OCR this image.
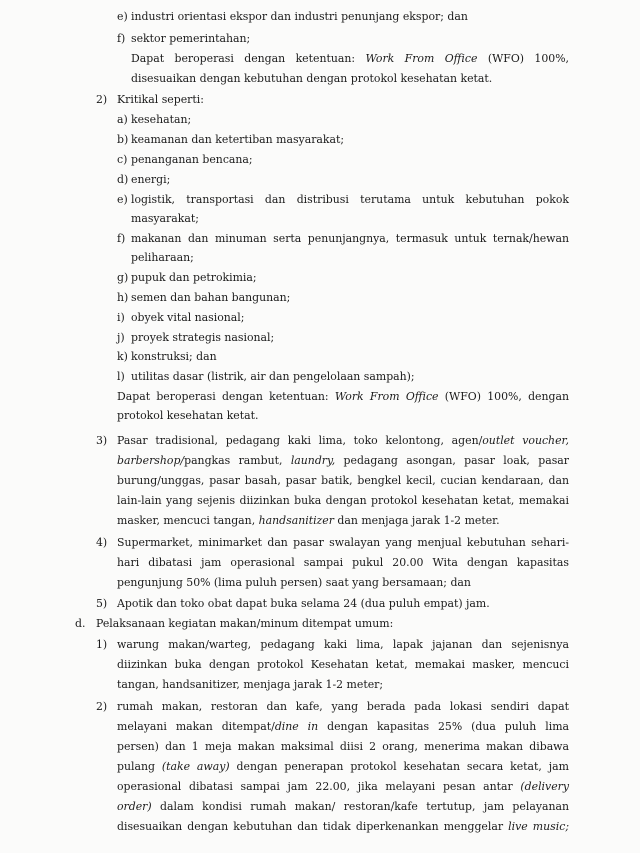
e) industri orientasi ekspor dan industri penunjang ekspor; dan
f) sektor pemerintahan;
Dapat beroperasi dengan ketentuan: Work From Office (WFO) 100%,
disesuaikan dengan kebutuhan dengan protokol kesehatan ketat.
2) Kritikal seperti:
a) kesehatan;
b) keamanan dan ketertiban masyarakat;
c) penanganan bencana;
d) energi;
e) logistik, transportasi dan distribusi terutama untuk kebutuhan pokok
masyarakat;
f) makanan dan minuman serta penunjangnya, termasuk untuk ternak/hewan
peliharaan;
g) pupuk dan petrokimia;
h) semen dan bahan bangunan;
i) obyek vital nasional;
j) proyek strategis nasional;
k) konstruksi; dan
l) utilitas dasar (listrik, air dan pengelolaan sampah);
Dapat beroperasi dengan ketentuan: Work From Office (WFO) 100%, dengan
protokol kesehatan ketat.
3) Pasar tradisional, pedagang kaki lima, toko kelontong, agen/outlet voucher,
barbershop/pangkas rambut, laundry, pedagang asongan, pasar loak, pasar
burung/unggas, pasar basah, pasar batik, bengkel kecil, cucian kendaraan, dan
lain-lain yang sejenis diizinkan buka dengan protokol kesehatan ketat, memakai
masker, mencuci tangan, handsanitizer dan menjaga jarak 1-2 meter.
4) Supermarket, minimarket dan pasar swalayan yang menjual kebutuhan sehari-
hari dibatasi jam operasional sampai pukul 20.00 Wita dengan kapasitas
pengunjung 50% (lima puluh persen) saat yang bersamaan; dan
5) Apotik dan toko obat dapat buka selama 24 (dua puluh empat) jam.
d. Pelaksanaan kegiatan makan/minum ditempat umum:
1) warung makan/warteg, pedagang kaki lima, lapak jajanan dan sejenisnya
diizinkan buka dengan protokol Kesehatan ketat, memakai masker, mencuci
tangan, handsanitizer, menjaga jarak 1-2 meter;
2) rumah makan, restoran dan kafe, yang berada pada lokasi sendiri dapat
melayani makan ditempat/dine in dengan kapasitas 25% (dua puluh lima
persen) dan 1 meja makan maksimal diisi 2 orang, menerima makan dibawa
pulang (take away) dengan penerapan protokol kesehatan secara ketat, jam
operasional dibatasi sampai jam 22.00, jika melayani pesan antar (delivery
order) dalam kondisi rumah makan/ restoran/kafe tertutup, jam pelayanan
disesuaikan dengan kebutuhan dan tidak diperkenankan menggelar live music;
